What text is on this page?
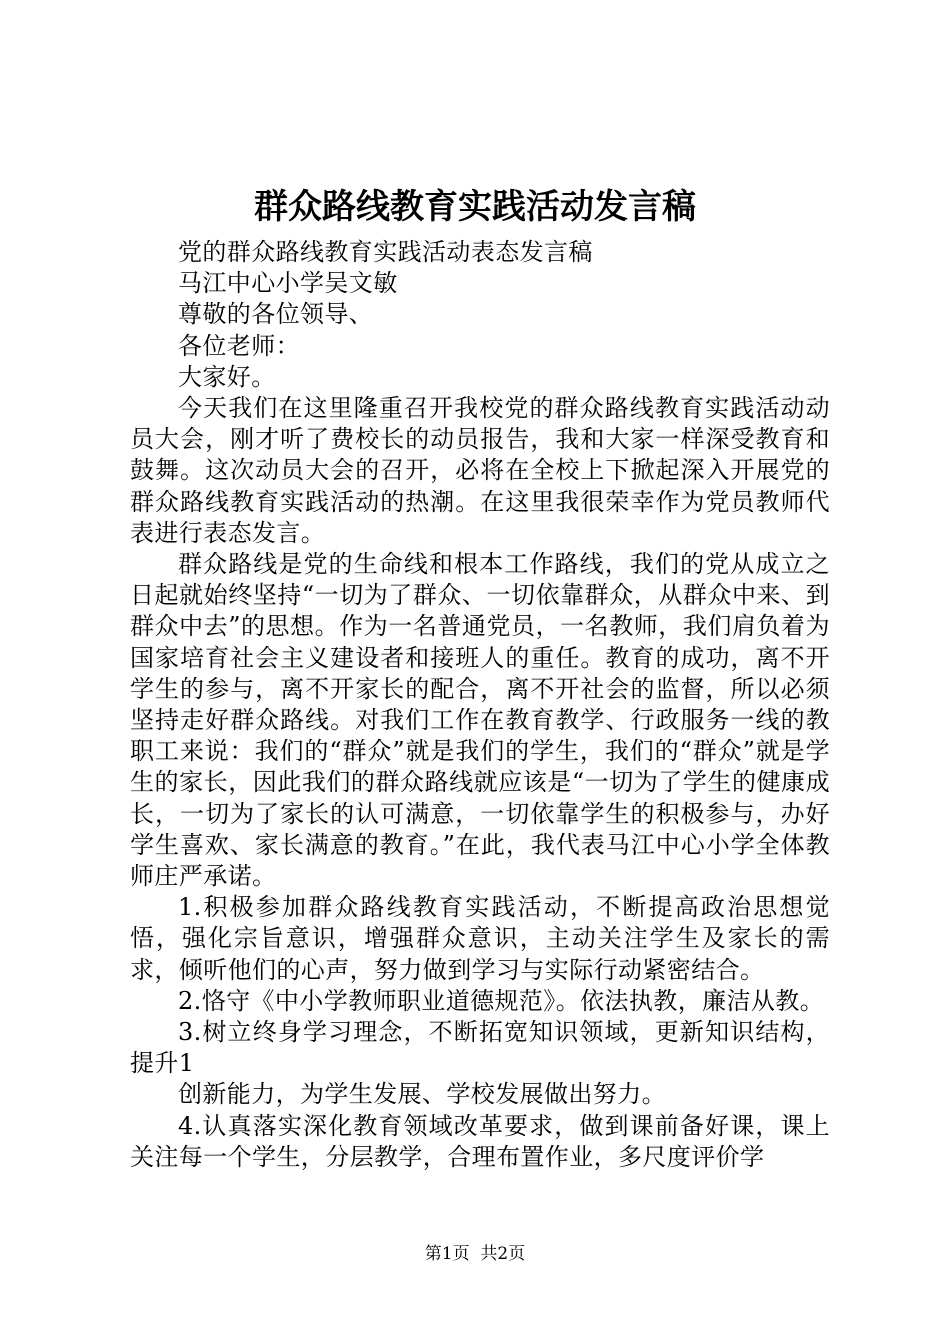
群众路线教育实践活动发言稿

党的群众路线教育实践活动表态发言稿

马江中心小学吴文敏

尊敬的各位领导、

各位老师：

大家好。

今天我们在这里隆重召开我校党的群众路线教育实践活动动员大会，刚才听了费校长的动员报告，我和大家一样深受教育和鼓舞。这次动员大会的召开，必将在全校上下掀起深入开展党的群众路线教育实践活动的热潮。在这里我很荣幸作为党员教师代表进行表态发言。

群众路线是党的生命线和根本工作路线，我们的党从成立之日起就始终坚持“一切为了群众、一切依靠群众，从群众中来、到群众中去”的思想。作为一名普通党员，一名教师，我们肩负着为国家培育社会主义建设者和接班人的重任。教育的成功，离不开学生的参与，离不开家长的配合，离不开社会的监督，所以必须坚持走好群众路线。对我们工作在教育教学、行政服务一线的教职工来说：我们的“群众”就是我们的学生，我们的“群众”就是学生的家长，因此我们的群众路线就应该是“一切为了学生的健康成长，一切为了家长的认可满意，一切依靠学生的积极参与，办好学生喜欢、家长满意的教育。”在此，我代表马江中心小学全体教师庄严承诺。

1.积极参加群众路线教育实践活动，不断提高政治思想觉悟，强化宗旨意识，增强群众意识，主动关注学生及家长的需求，倾听他们的心声，努力做到学习与实际行动紧密结合。

2.恪守《中小学教师职业道德规范》。依法执教，廉洁从教。

3.树立终身学习理念，不断拓宽知识领域，更新知识结构，提升1

创新能力，为学生发展、学校发展做出努力。

4.认真落实深化教育领域改革要求，做到课前备好课，课上关注每一个学生，分层教学，合理布置作业，多尺度评价学

第1页  共2页
